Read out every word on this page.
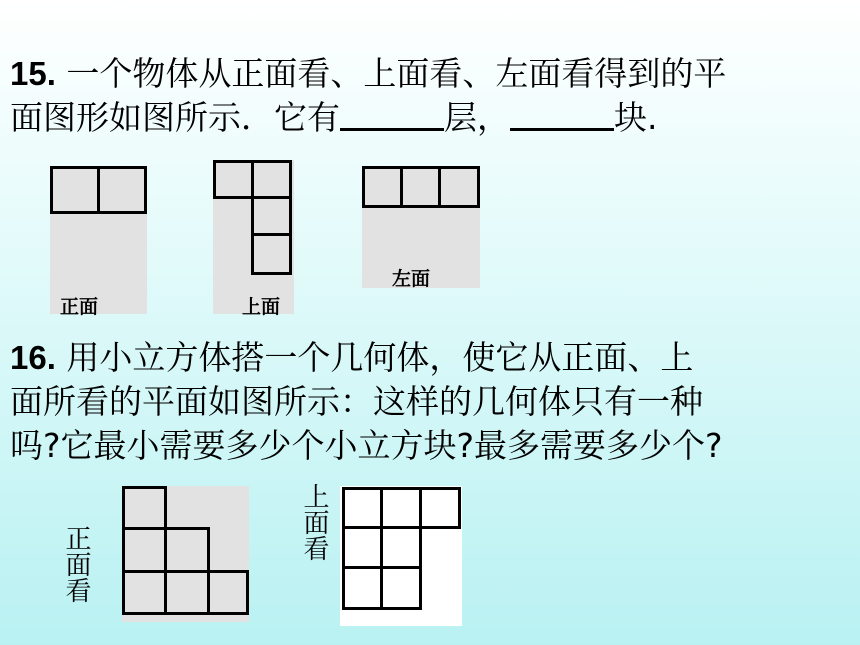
15. 一个物体从正面看、上面看、左面看得到的平
面图形如图所示．它有	层，	块.

正面	上面
左面

16. 用小立方体搭一个几何体，使它从正面、上
面所看的平面如图所示：这样的几何体只有一种
吗?它最小需要多少个小立方块?最多需要多少个?

正面看
上面看
